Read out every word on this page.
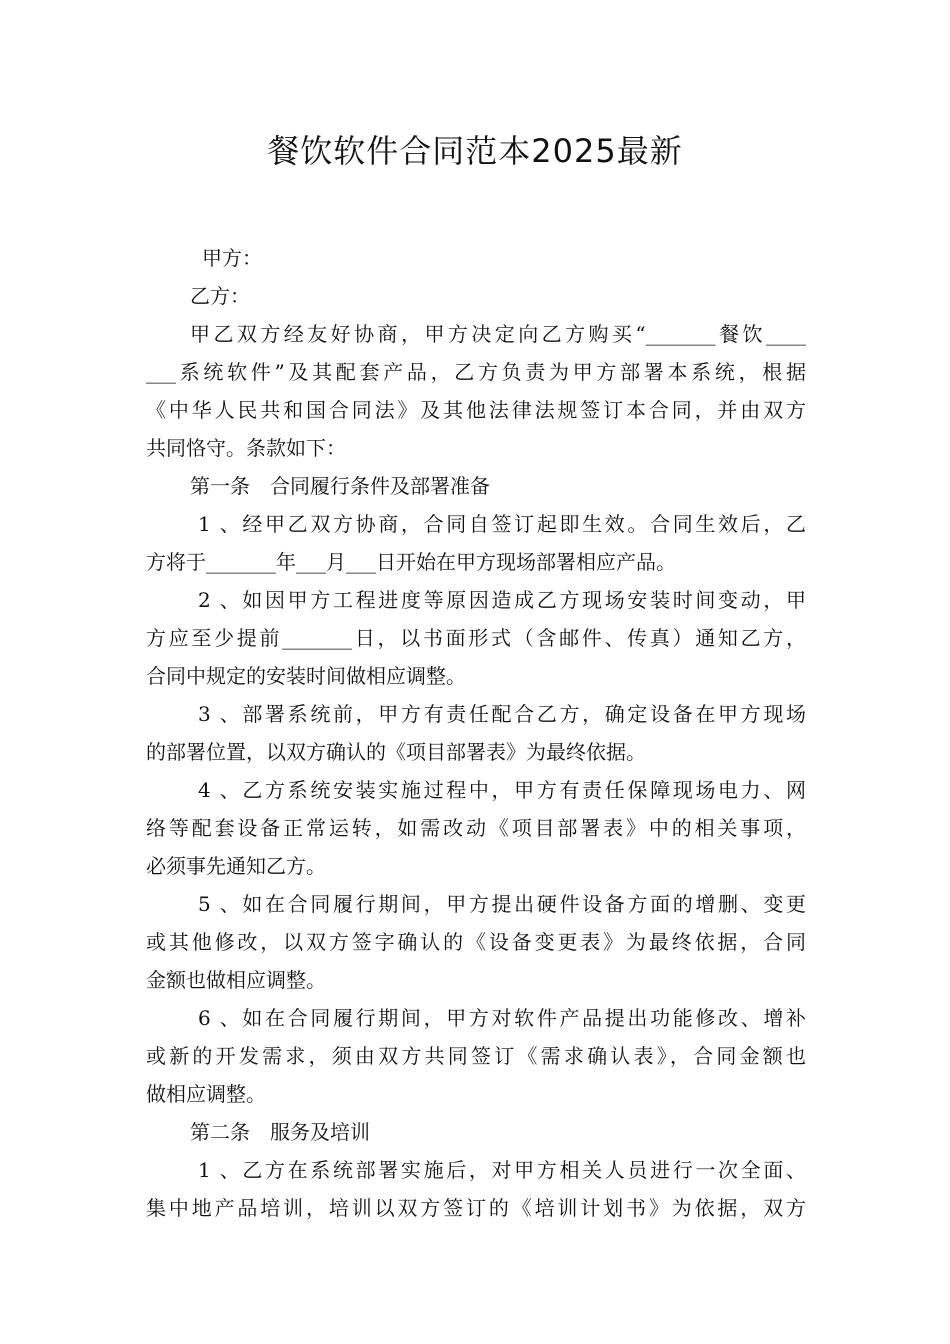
餐饮软件合同范本2025最新
甲方：
乙方：
甲乙双方经友好协商，甲方决定向乙方购买“_______餐饮____
___系统软件”及其配套产品，乙方负责为甲方部署本系统，根据
《中华人民共和国合同法》及其他法律法规签订本合同，并由双方
共同恪守。条款如下：
第一条　合同履行条件及部署准备
1 、经甲乙双方协商，合同自签订起即生效。合同生效后，乙
方将于_______年___月___日开始在甲方现场部署相应产品。
2 、如因甲方工程进度等原因造成乙方现场安装时间变动，甲
方应至少提前_______日，以书面形式（含邮件、传真）通知乙方，
合同中规定的安装时间做相应调整。
3 、部署系统前，甲方有责任配合乙方，确定设备在甲方现场
的部署位置，以双方确认的《项目部署表》为最终依据。
4 、乙方系统安装实施过程中，甲方有责任保障现场电力、网
络等配套设备正常运转，如需改动《项目部署表》中的相关事项，
必须事先通知乙方。
5 、如在合同履行期间，甲方提出硬件设备方面的增删、变更
或其他修改，以双方签字确认的《设备变更表》为最终依据，合同
金额也做相应调整。
6 、如在合同履行期间，甲方对软件产品提出功能修改、增补
或新的开发需求，须由双方共同签订《需求确认表》，合同金额也
做相应调整。
第二条　服务及培训
1 、乙方在系统部署实施后，对甲方相关人员进行一次全面、
集中地产品培训，培训以双方签订的《培训计划书》为依据，双方
